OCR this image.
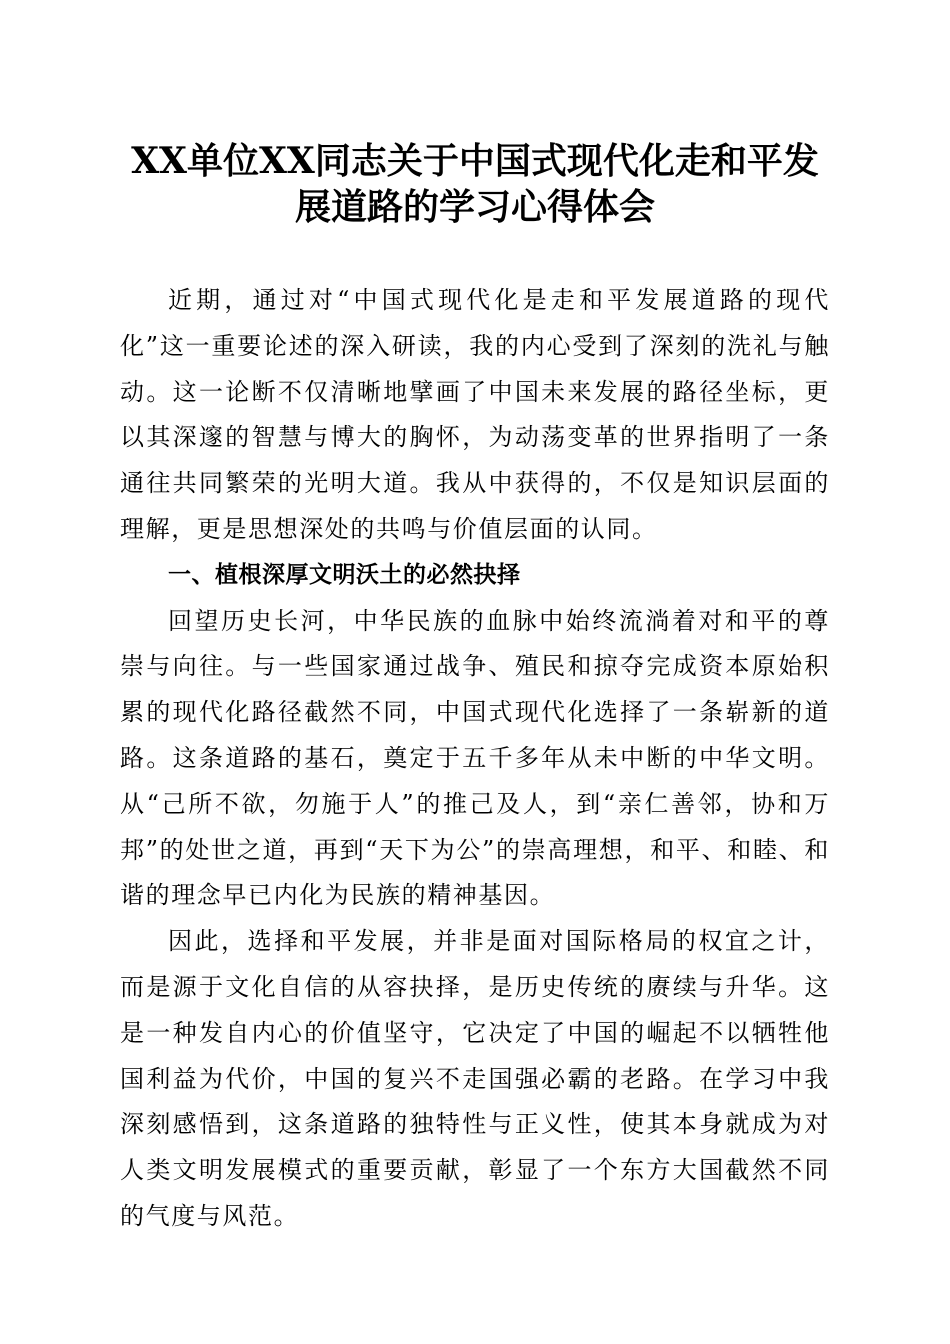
XX单位XX同志关于中国式现代化走和平发
展道路的学习心得体会

近期，通过对“中国式现代化是走和平发展道路的现代化”这一重要论述的深入研读，我的内心受到了深刻的洗礼与触动。这一论断不仅清晰地擘画了中国未来发展的路径坐标，更以其深邃的智慧与博大的胸怀，为动荡变革的世界指明了一条通往共同繁荣的光明大道。我从中获得的，不仅是知识层面的理解，更是思想深处的共鸣与价值层面的认同。

一、植根深厚文明沃土的必然抉择

回望历史长河，中华民族的血脉中始终流淌着对和平的尊崇与向往。与一些国家通过战争、殖民和掠夺完成资本原始积累的现代化路径截然不同，中国式现代化选择了一条崭新的道路。这条道路的基石，奠定于五千多年从未中断的中华文明。从“己所不欲，勿施于人”的推己及人，到“亲仁善邻，协和万邦”的处世之道，再到“天下为公”的崇高理想，和平、和睦、和谐的理念早已内化为民族的精神基因。

因此，选择和平发展，并非是面对国际格局的权宜之计，而是源于文化自信的从容抉择，是历史传统的赓续与升华。这是一种发自内心的价值坚守，它决定了中国的崛起不以牺牲他国利益为代价，中国的复兴不走国强必霸的老路。在学习中我深刻感悟到，这条道路的独特性与正义性，使其本身就成为对人类文明发展模式的重要贡献，彰显了一个东方大国截然不同的气度与风范。
